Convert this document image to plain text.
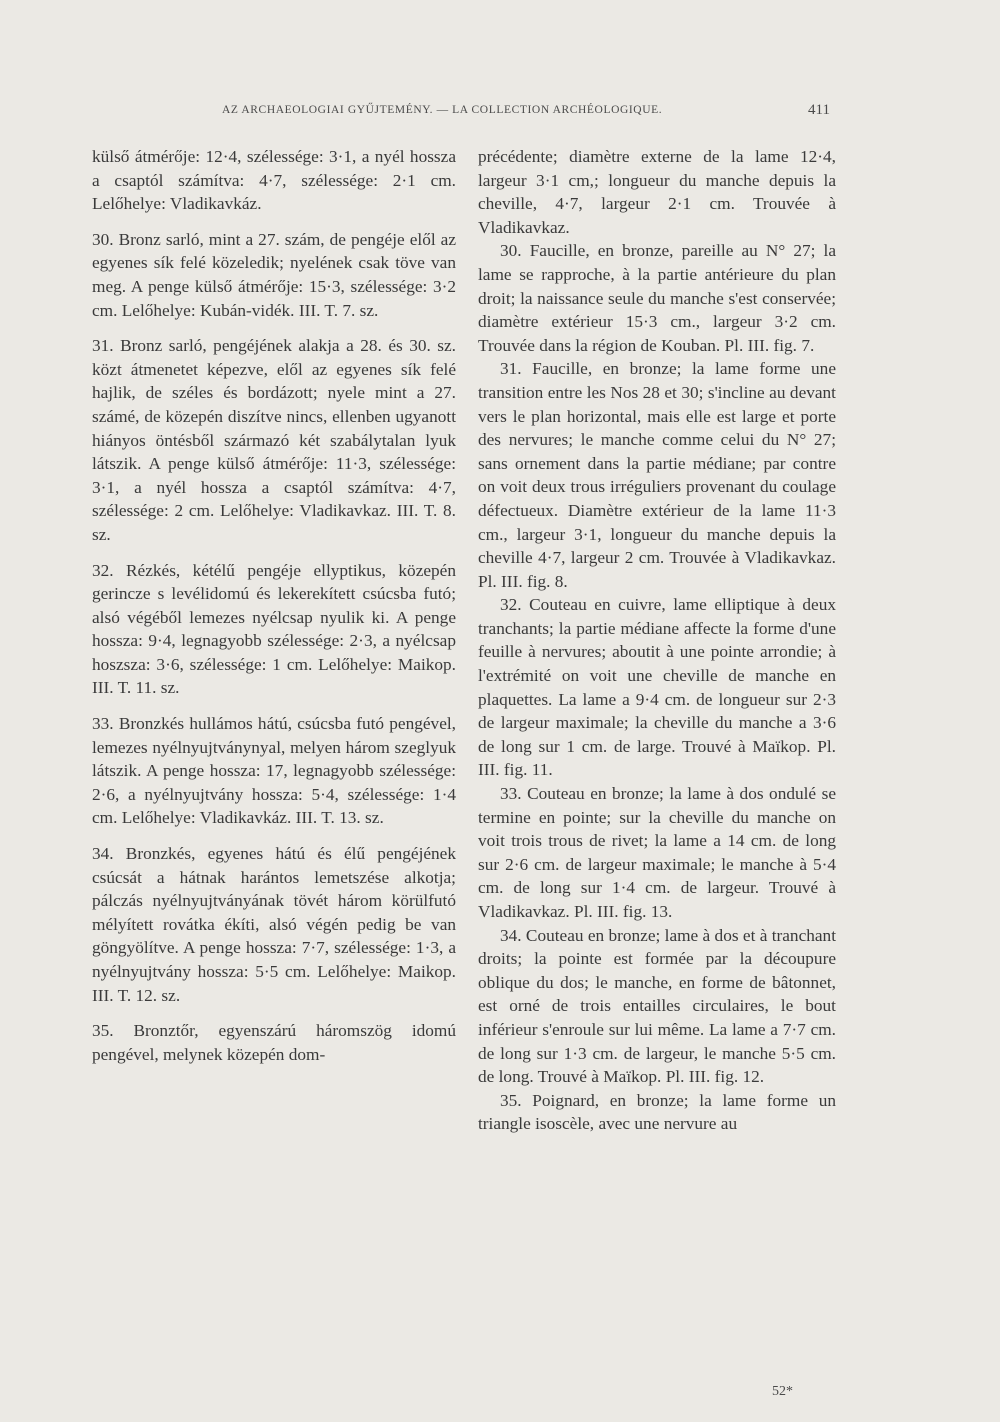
AZ ARCHAEOLOGIAI GYŰJTEMÉNY. — LA COLLECTION ARCHÉOLOGIQUE.	411

külső átmérője: 12·4, szélessége: 3·1, a nyél hossza a csaptól számítva: 4·7, szélessége: 2·1 cm. Lelőhelye: Vladikavkáz.

30. Bronz sarló, mint a 27. szám, de pengéje elől az egyenes sík felé közeledik; nyelének csak töve van meg. A penge külső átmérője: 15·3, szélessége: 3·2 cm. Lelőhelye: Kubán-vidék. III. T. 7. sz.

31. Bronz sarló, pengéjének alakja a 28. és 30. sz. közt átmenetet képezve, elől az egyenes sík felé hajlik, de széles és bordázott; nyele mint a 27. számé, de közepén diszítve nincs, ellenben ugyanott hiányos öntésből származó két szabálytalan lyuk látszik. A penge külső átmérője: 11·3, szélessége: 3·1, a nyél hossza a csaptól számítva: 4·7, szélessége: 2 cm. Lelőhelye: Vladikavkaz. III. T. 8. sz.

32. Rézkés, kétélű pengéje ellyptikus, közepén gerincze s levélidomú és lekerekített csúcsba futó; alsó végéből lemezes nyélcsap nyulik ki. A penge hossza: 9·4, legnagyobb szélessége: 2·3, a nyélcsap hoszsza: 3·6, szélessége: 1 cm. Lelőhelye: Maikop. III. T. 11. sz.

33. Bronzkés hullámos hátú, csúcsba futó pengével, lemezes nyélnyujtványnyal, melyen három szeglyuk látszik. A penge hossza: 17, legnagyobb szélessége: 2·6, a nyélnyujtvány hossza: 5·4, szélessége: 1·4 cm. Lelőhelye: Vladikavkáz. III. T. 13. sz.

34. Bronzkés, egyenes hátú és élű pengéjének csúcsát a hátnak harántos lemetszése alkotja; pálczás nyélnyujtványának tövét három körülfutó mélyített rovátka ékíti, alsó végén pedig be van göngyölítve. A penge hossza: 7·7, szélessége: 1·3, a nyélnyujtvány hossza: 5·5 cm. Lelőhelye: Maikop. III. T. 12. sz.

35. Bronztőr, egyenszárú háromszög idomú pengével, melynek közepén dom-

précédente; diamètre externe de la lame 12·4, largeur 3·1 cm,; longueur du manche depuis la cheville, 4·7, largeur 2·1 cm. Trouvée à Vladikavkaz.

30. Faucille, en bronze, pareille au N° 27; la lame se rapproche, à la partie antérieure du plan droit; la naissance seule du manche s'est conservée; diamètre extérieur 15·3 cm., largeur 3·2 cm. Trouvée dans la région de Kouban. Pl. III. fig. 7.

31. Faucille, en bronze; la lame forme une transition entre les Nos 28 et 30; s'incline au devant vers le plan horizontal, mais elle est large et porte des nervures; le manche comme celui du N° 27; sans ornement dans la partie médiane; par contre on voit deux trous irréguliers provenant du coulage défectueux. Diamètre extérieur de la lame 11·3 cm., largeur 3·1, longueur du manche depuis la cheville 4·7, largeur 2 cm. Trouvée à Vladikavkaz. Pl. III. fig. 8.

32. Couteau en cuivre, lame elliptique à deux tranchants; la partie médiane affecte la forme d'une feuille à nervures; aboutit à une pointe arrondie; à l'extrémité on voit une cheville de manche en plaquettes. La lame a 9·4 cm. de longueur sur 2·3 de largeur maximale; la cheville du manche a 3·6 de long sur 1 cm. de large. Trouvé à Maïkop. Pl. III. fig. 11.

33. Couteau en bronze; la lame à dos ondulé se termine en pointe; sur la cheville du manche on voit trois trous de rivet; la lame a 14 cm. de long sur 2·6 cm. de largeur maximale; le manche à 5·4 cm. de long sur 1·4 cm. de largeur. Trouvé à Vladikavkaz. Pl. III. fig. 13.

34. Couteau en bronze; lame à dos et à tranchant droits; la pointe est formée par la découpure oblique du dos; le manche, en forme de bâtonnet, est orné de trois entailles circulaires, le bout inférieur s'enroule sur lui même. La lame a 7·7 cm. de long sur 1·3 cm. de largeur, le manche 5·5 cm. de long. Trouvé à Maïkop. Pl. III. fig. 12.

35. Poignard, en bronze; la lame forme un triangle isoscèle, avec une nervure au

52*
